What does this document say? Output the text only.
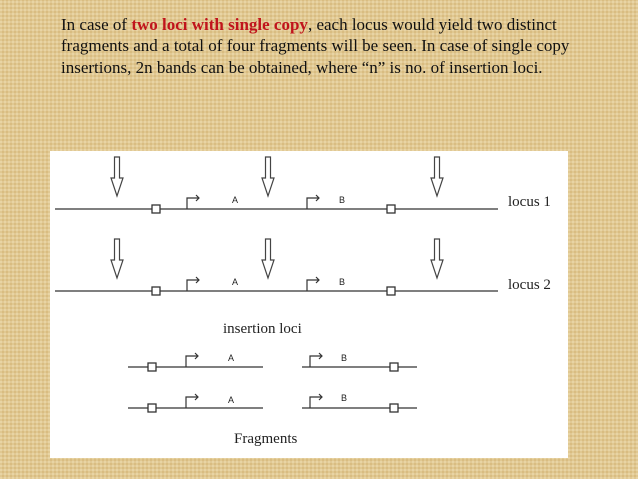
In case of two loci with single copy, each locus would yield two distinct fragments and a total of four fragments will be seen. In case of single copy insertions, 2n bands can be obtained, where “n” is no. of insertion loci.
A	B	locus 1
A	B	locus 2
insertion loci
A	B
A	B
Fragments
